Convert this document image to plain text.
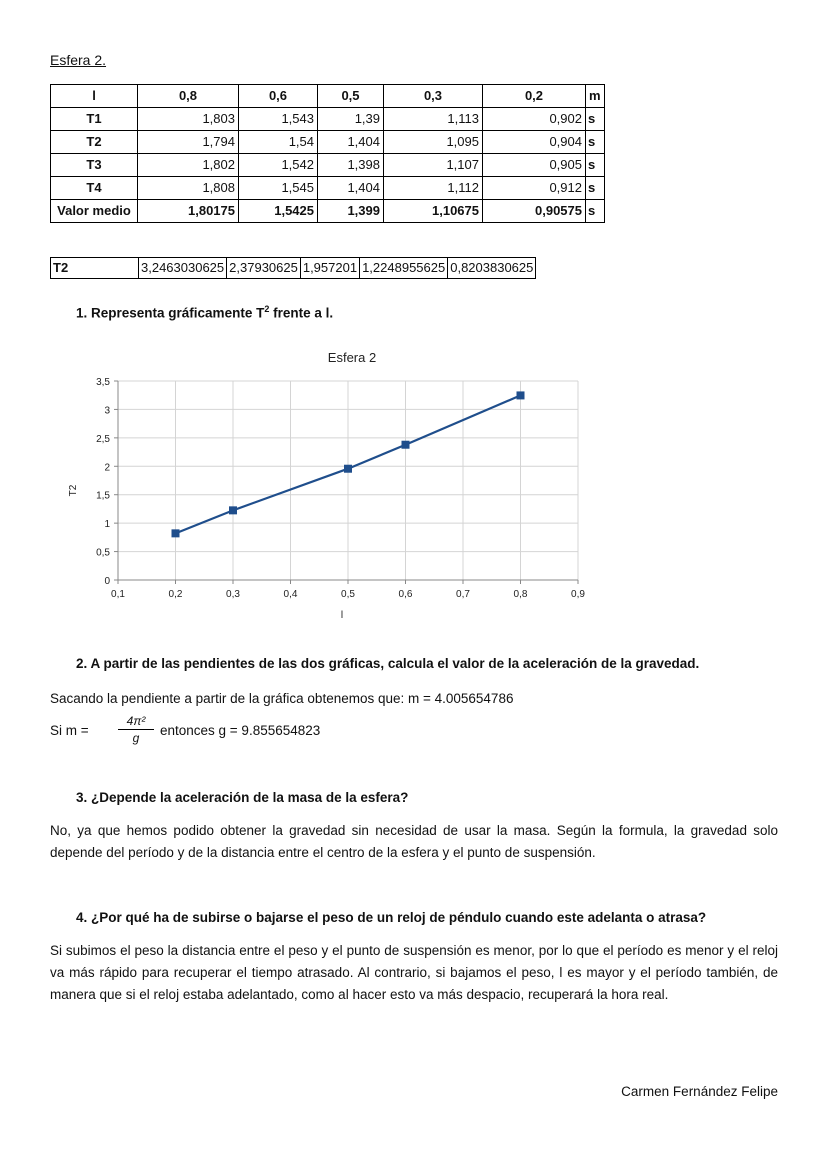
Esfera 2.
l	0,8	0,6	0,5	0,3	0,2	m
T1	1,803	1,543	1,39	1,113	0,902	s
T2	1,794	1,54	1,404	1,095	0,904	s
T3	1,802	1,542	1,398	1,107	0,905	s
T4	1,808	1,545	1,404	1,112	0,912	s
Valor medio	1,80175	1,5425	1,399	1,10675	0,90575	s
T2	3,2463030625	2,37930625	1,957201	1,2248955625	0,8203830625
1. Representa gráficamente $T^2$ frente a l.
Esfera 2
0,1	0,2	0,3	0,4	0,5	0,6	0,7	0,8	0,9
0
0,5
1
1,5
2
2,5
3
3,5
T2
l
2. A partir de las pendientes de las dos gráficas, calcula el valor de la aceleración de la gravedad.
Sacando la pendiente a partir de la gráfica obtenemos que: m = 4.005654786
Si $m = \frac{\text{4π²}}{g}$ entonces g = 9.855654823
3. ¿Depende la aceleración de la masa de la esfera?
No, ya que hemos podido obtener la gravedad sin necesidad de usar la masa. Según la formula, la gravedad solo depende del período y de la distancia entre el centro de la esfera y el punto de suspensión.
4. ¿Por qué ha de subirse o bajarse el peso de un reloj de péndulo cuando este adelanta o atrasa?
Si subimos el peso la distancia entre el peso y el punto de suspensión es menor, por lo que el período es menor y el reloj va más rápido para recuperar el tiempo atrasado. Al contrario, si bajamos el peso, l es mayor y el período también, de manera que si el reloj estaba adelantado, como al hacer esto va más despacio, recuperará la hora real.
Carmen Fernández Felipe
